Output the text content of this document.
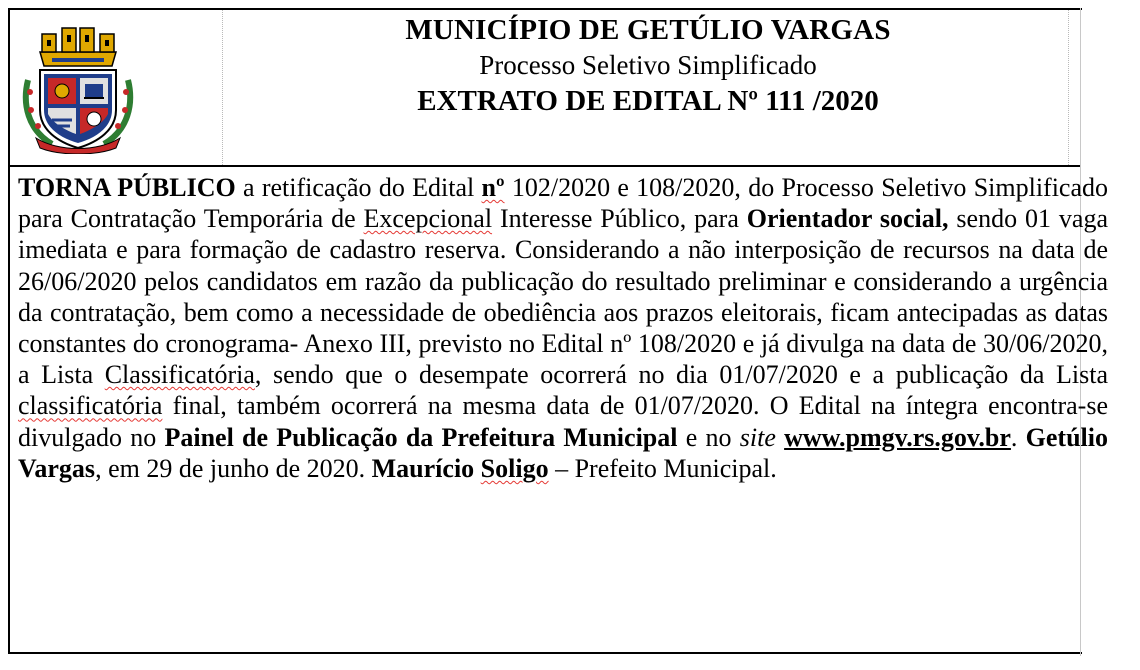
MUNICÍPIO DE GETÚLIO VARGAS
Processo Seletivo Simplificado
EXTRATO DE EDITAL Nº 111 /2020
TORNA PÚBLICO a retificação do Edital nº 102/2020 e 108/2020, do Processo Seletivo Simplificado para Contratação Temporária de Excepcional Interesse Público, para Orientador social, sendo 01 vaga imediata e para formação de cadastro reserva. Considerando a não interposição de recursos na data de 26/06/2020 pelos candidatos em razão da publicação do resultado preliminar e considerando a urgência da contratação, bem como a necessidade de obediência aos prazos eleitorais, ficam antecipadas as datas constantes do cronograma- Anexo III, previsto no Edital nº 108/2020 e já divulga na data de 30/06/2020, a Lista Classificatória, sendo que o desempate ocorrerá no dia 01/07/2020 e a publicação da Lista classificatória final, também ocorrerá na mesma data de 01/07/2020. O Edital na íntegra encontra-se divulgado no Painel de Publicação da Prefeitura Municipal e no site www.pmgv.rs.gov.br. Getúlio Vargas, em 29 de junho de 2020. Maurício Soligo – Prefeito Municipal.
